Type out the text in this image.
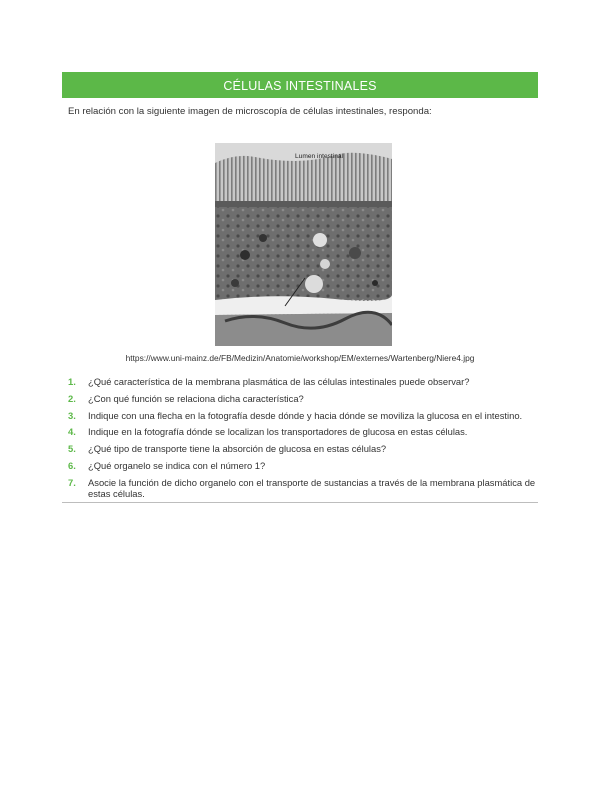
CÉLULAS INTESTINALES
En relación con la siguiente imagen de microscopía de células intestinales, responda:
Lumen intestinal
https://www.uni-mainz.de/FB/Medizin/Anatomie/workshop/EM/externes/Wartenberg/Niere4.jpg
1. ¿Qué característica de la membrana plasmática de las células intestinales puede observar?
2. ¿Con qué función se relaciona dicha característica?
3. Indique con una flecha en la fotografía desde dónde y hacia dónde se moviliza la glucosa en el intestino.
4. Indique en la fotografía dónde se localizan los transportadores de glucosa en estas células.
5. ¿Qué tipo de transporte tiene la absorción de glucosa en estas células?
6. ¿Qué organelo se indica con el número 1?
7. Asocie la función de dicho organelo con el transporte de sustancias a través de la membrana plasmática de estas células.
